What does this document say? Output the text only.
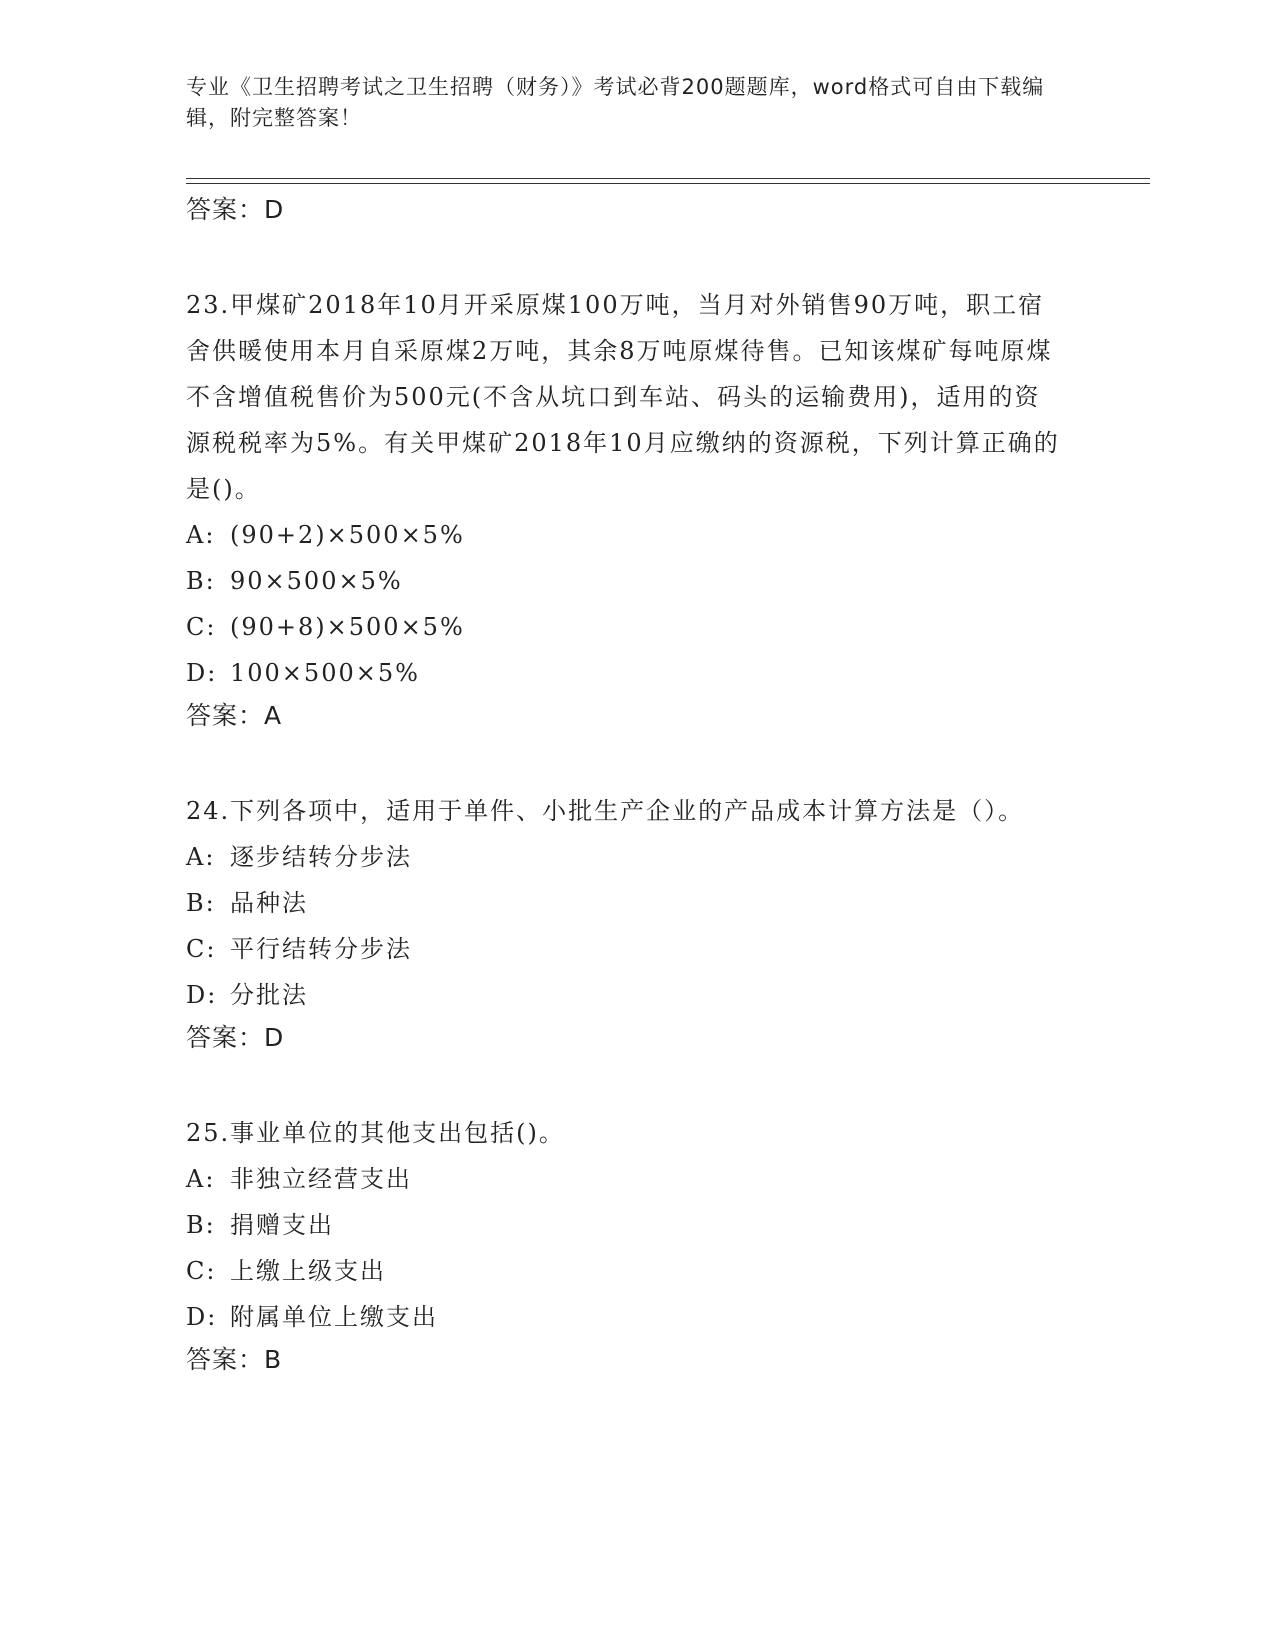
专业《卫生招聘考试之卫生招聘（财务）》考试必背200题题库，word格式可自由下载编辑，附完整答案！
答案：D
23.甲煤矿2018年10月开采原煤100万吨，当月对外销售90万吨，职工宿舍供暖使用本月自采原煤2万吨，其余8万吨原煤待售。已知该煤矿每吨原煤不含增值税售价为500元(不含从坑口到车站、码头的运输费用)，适用的资源税税率为5%。有关甲煤矿2018年10月应缴纳的资源税，下列计算正确的是()。
A: (90+2)×500×5%
B: 90×500×5%
C: (90+8)×500×5%
D: 100×500×5%
答案：A
24.下列各项中，适用于单件、小批生产企业的产品成本计算方法是（）。
A: 逐步结转分步法
B: 品种法
C: 平行结转分步法
D: 分批法
答案：D
25.事业单位的其他支出包括()。
A: 非独立经营支出
B: 捐赠支出
C: 上缴上级支出
D: 附属单位上缴支出
答案：B
